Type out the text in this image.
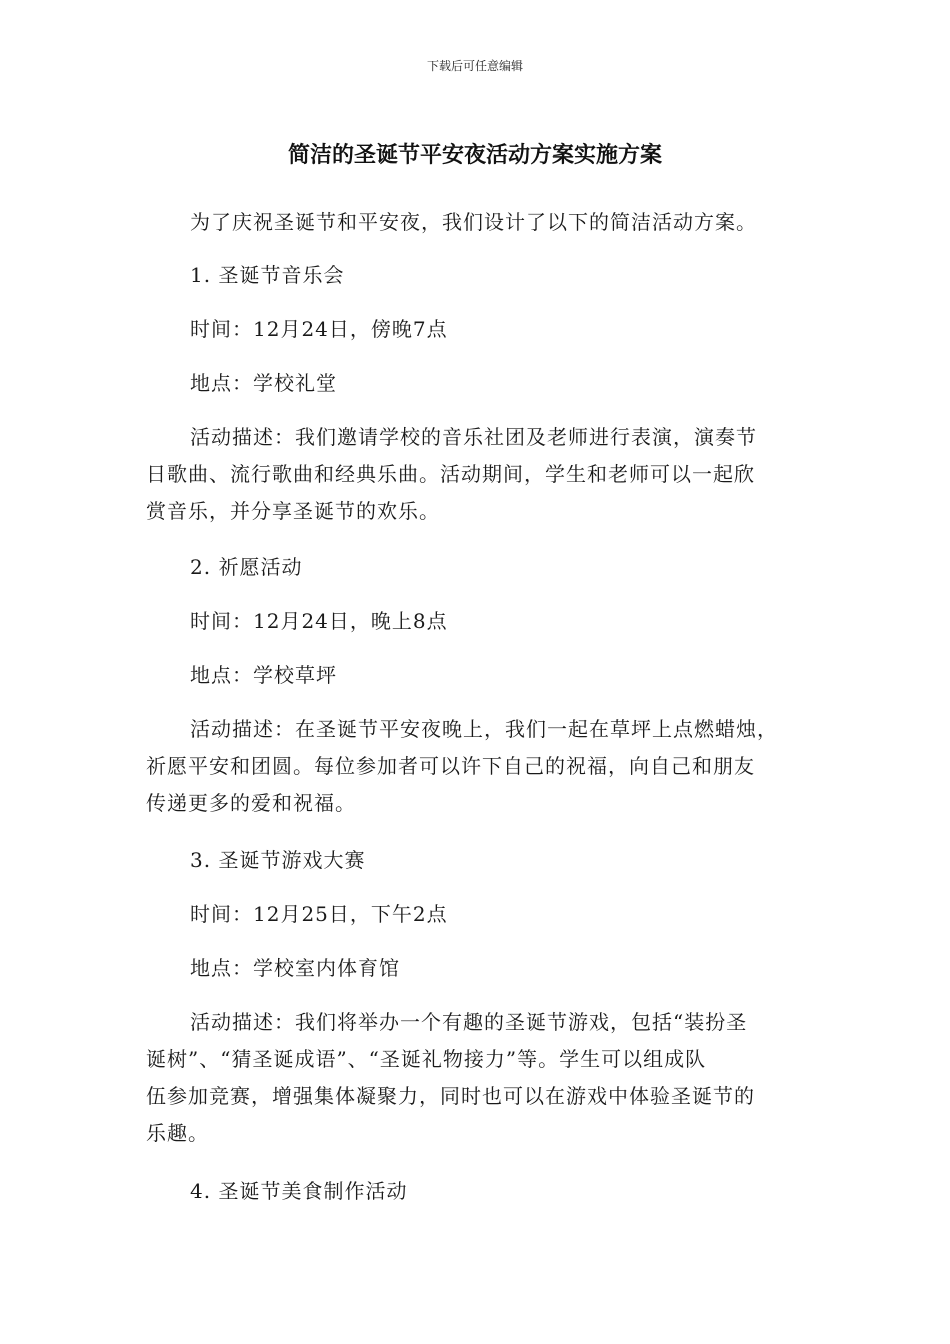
下载后可任意编辑
简洁的圣诞节平安夜活动方案实施方案
为了庆祝圣诞节和平安夜，我们设计了以下的简洁活动方案。
1. 圣诞节音乐会
时间：12月24日，傍晚7点
地点：学校礼堂
活动描述：我们邀请学校的音乐社团及老师进行表演，演奏节
日歌曲、流行歌曲和经典乐曲。活动期间，学生和老师可以一起欣
赏音乐，并分享圣诞节的欢乐。
2. 祈愿活动
时间：12月24日，晚上8点
地点：学校草坪
活动描述：在圣诞节平安夜晚上，我们一起在草坪上点燃蜡烛，
祈愿平安和团圆。每位参加者可以许下自己的祝福，向自己和朋友
传递更多的爱和祝福。
3. 圣诞节游戏大赛
时间：12月25日，下午2点
地点：学校室内体育馆
活动描述：我们将举办一个有趣的圣诞节游戏，包括“装扮圣
诞树”、“猜圣诞成语”、“圣诞礼物接力”等。学生可以组成队
伍参加竞赛，增强集体凝聚力，同时也可以在游戏中体验圣诞节的
乐趣。
4. 圣诞节美食制作活动
